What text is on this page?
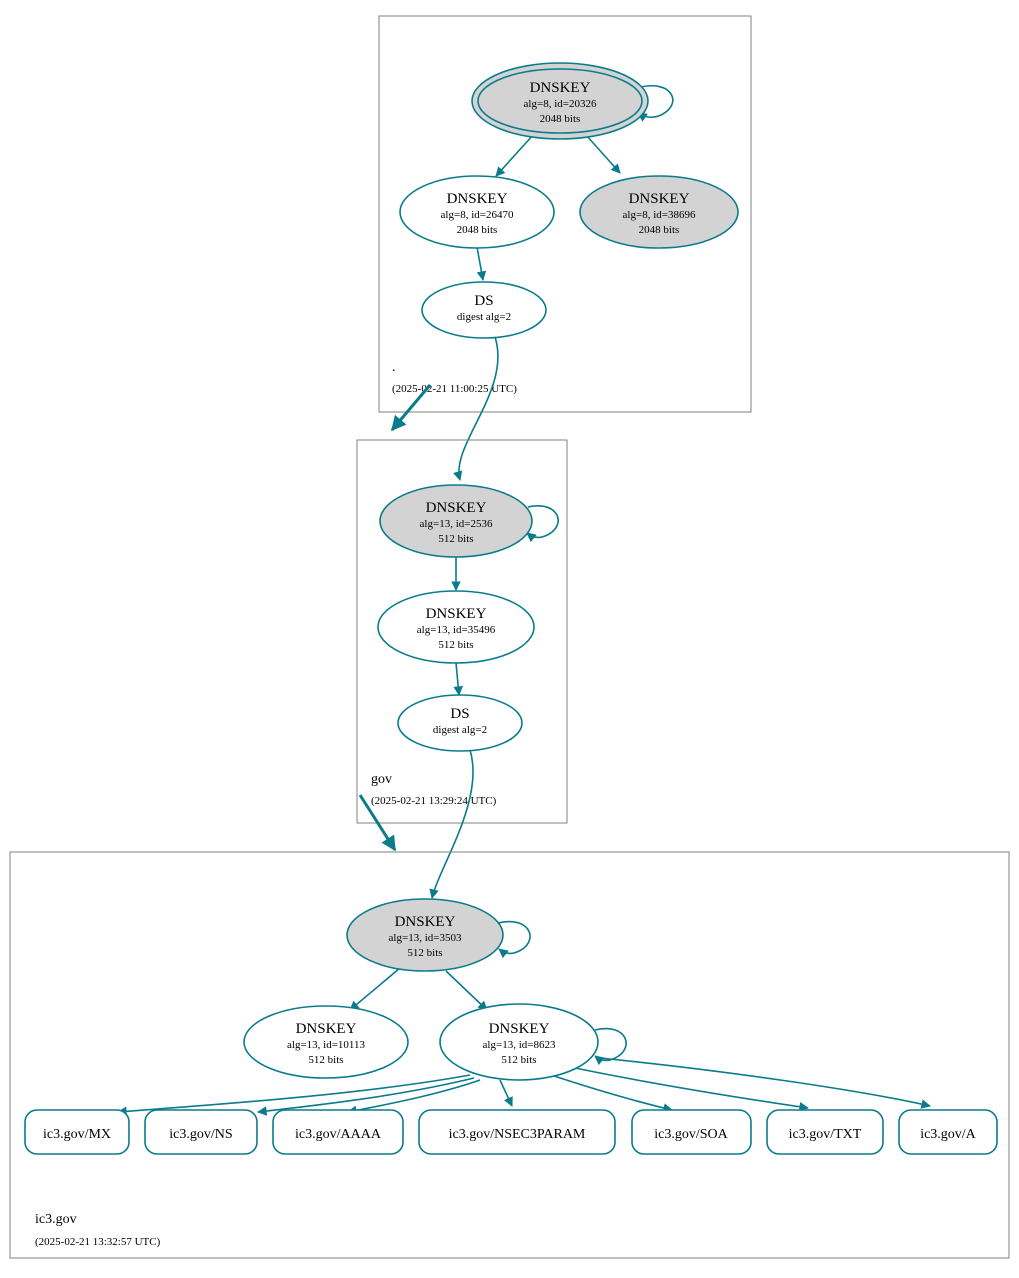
DNSKEY
alg=8, id=20326
2048 bits
DNSKEY
alg=8, id=26470
2048 bits
DNSKEY
alg=8, id=38696
2048 bits
DS
digest alg=2
.
(2025-02-21 11:00:25 UTC)
DNSKEY
alg=13, id=2536
512 bits
DNSKEY
alg=13, id=35496
512 bits
DS
digest alg=2
gov
(2025-02-21 13:29:24 UTC)
DNSKEY
alg=13, id=3503
512 bits
DNSKEY
alg=13, id=10113
512 bits
DNSKEY
alg=13, id=8623
512 bits
ic3.gov/MX	ic3.gov/NS	ic3.gov/AAAA	ic3.gov/NSEC3PARAM	ic3.gov/SOA	ic3.gov/TXT	ic3.gov/A
ic3.gov
(2025-02-21 13:32:57 UTC)
